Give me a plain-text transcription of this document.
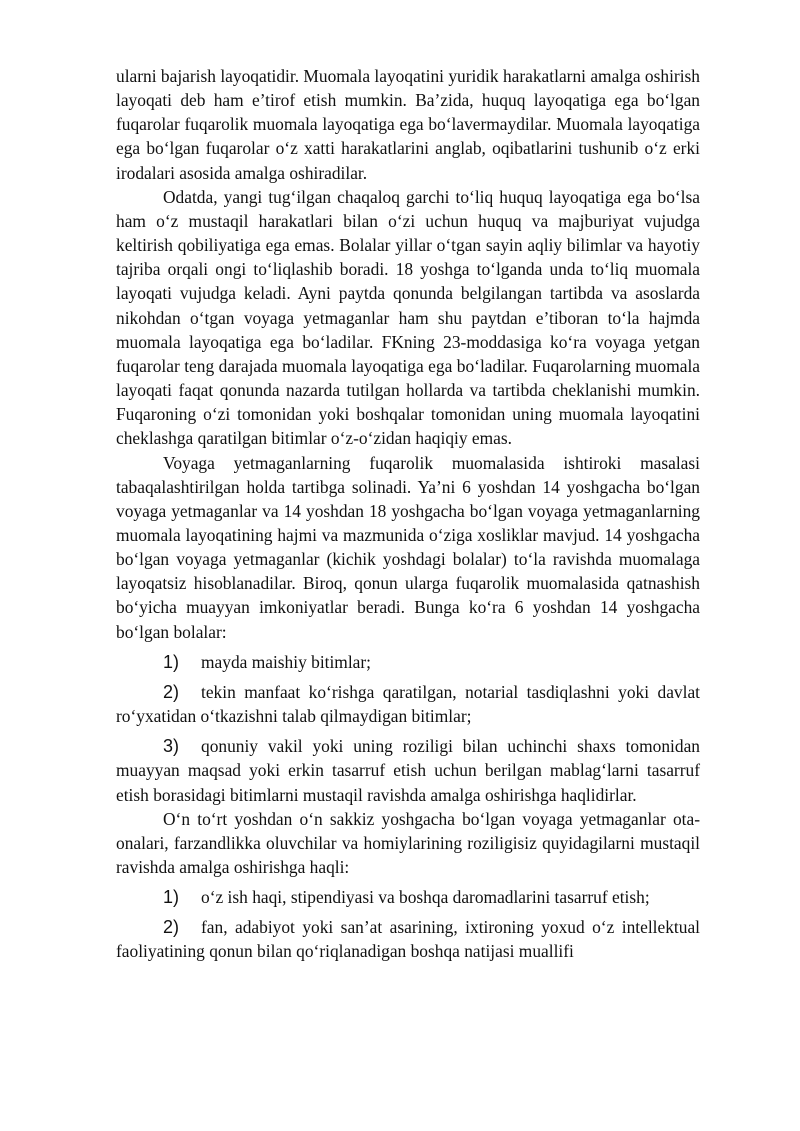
ularni bajarish layoqatidir. Muomala layoqatini yuridik harakatlarni amalga oshirish layoqati deb ham e’tirof etish mumkin. Ba’zida, huquq layoqatiga ega bo‘lgan fuqarolar fuqarolik muomala layoqatiga ega bo‘lavermaydilar. Muomala layoqatiga ega bo‘lgan fuqarolar o‘z xatti harakatlarini anglab, oqibatlarini tushunib o‘z erki irodalari asosida amalga oshiradilar.

Odatda, yangi tug‘ilgan chaqaloq garchi to‘liq huquq layoqatiga ega bo‘lsa ham o‘z mustaqil harakatlari bilan o‘zi uchun huquq va majburiyat vujudga keltirish qobiliyatiga ega emas. Bolalar yillar o‘tgan sayin aqliy bilimlar va hayotiy tajriba orqali ongi to‘liqlashib boradi. 18 yoshga to‘lganda unda to‘liq muomala layoqati vujudga keladi. Ayni paytda qonunda belgilangan tartibda va asoslarda nikohdan o‘tgan voyaga yetmaganlar ham shu paytdan e’tiboran to‘la hajmda muomala layoqatiga ega bo‘ladilar. FKning 23-moddasiga ko‘ra voyaga yetgan fuqarolar teng darajada muomala layoqatiga ega bo‘ladilar. Fuqarolarning muomala layoqati faqat qonunda nazarda tutilgan hollarda va tartibda cheklanishi mumkin. Fuqaroning o‘zi tomonidan yoki boshqalar tomonidan uning muomala layoqatini cheklashga qaratilgan bitimlar o‘z-o‘zidan haqiqiy emas.

Voyaga yetmaganlarning fuqarolik muomalasida ishtiroki masalasi tabaqalashtirilgan holda tartibga solinadi. Ya’ni 6 yoshdan 14 yoshgacha bo‘lgan voyaga yetmaganlar va 14 yoshdan 18 yoshgacha bo‘lgan voyaga yetmaganlarning muomala layoqatining hajmi va mazmunida o‘ziga xosliklar mavjud. 14 yoshgacha bo‘lgan voyaga yetmaganlar (kichik yoshdagi bolalar) to‘la ravishda muomalaga layoqatsiz hisoblanadilar. Biroq, qonun ularga fuqarolik muomalasida qatnashish bo‘yicha muayyan imkoniyatlar beradi. Bunga ko‘ra 6 yoshdan 14 yoshgacha bo‘lgan bolalar:

1) mayda maishiy bitimlar;

2) tekin manfaat ko‘rishga qaratilgan, notarial tasdiqlashni yoki davlat ro‘yxatidan o‘tkazishni talab qilmaydigan bitimlar;

3) qonuniy vakil yoki uning roziligi bilan uchinchi shaxs tomonidan muayyan maqsad yoki erkin tasarruf etish uchun berilgan mablag‘larni tasarruf etish borasidagi bitimlarni mustaqil ravishda amalga oshirishga haqlidirlar.

O‘n to‘rt yoshdan o‘n sakkiz yoshgacha bo‘lgan voyaga yetmaganlar ota-onalari, farzandlikka oluvchilar va homiylarining roziligisiz quyidagilarni mustaqil ravishda amalga oshirishga haqli:

1) o‘z ish haqi, stipendiyasi va boshqa daromadlarini tasarruf etish;

2) fan, adabiyot yoki san’at asarining, ixtironing yoxud o‘z intellektual faoliyatining qonun bilan qo‘riqlanadigan boshqa natijasi muallifi
